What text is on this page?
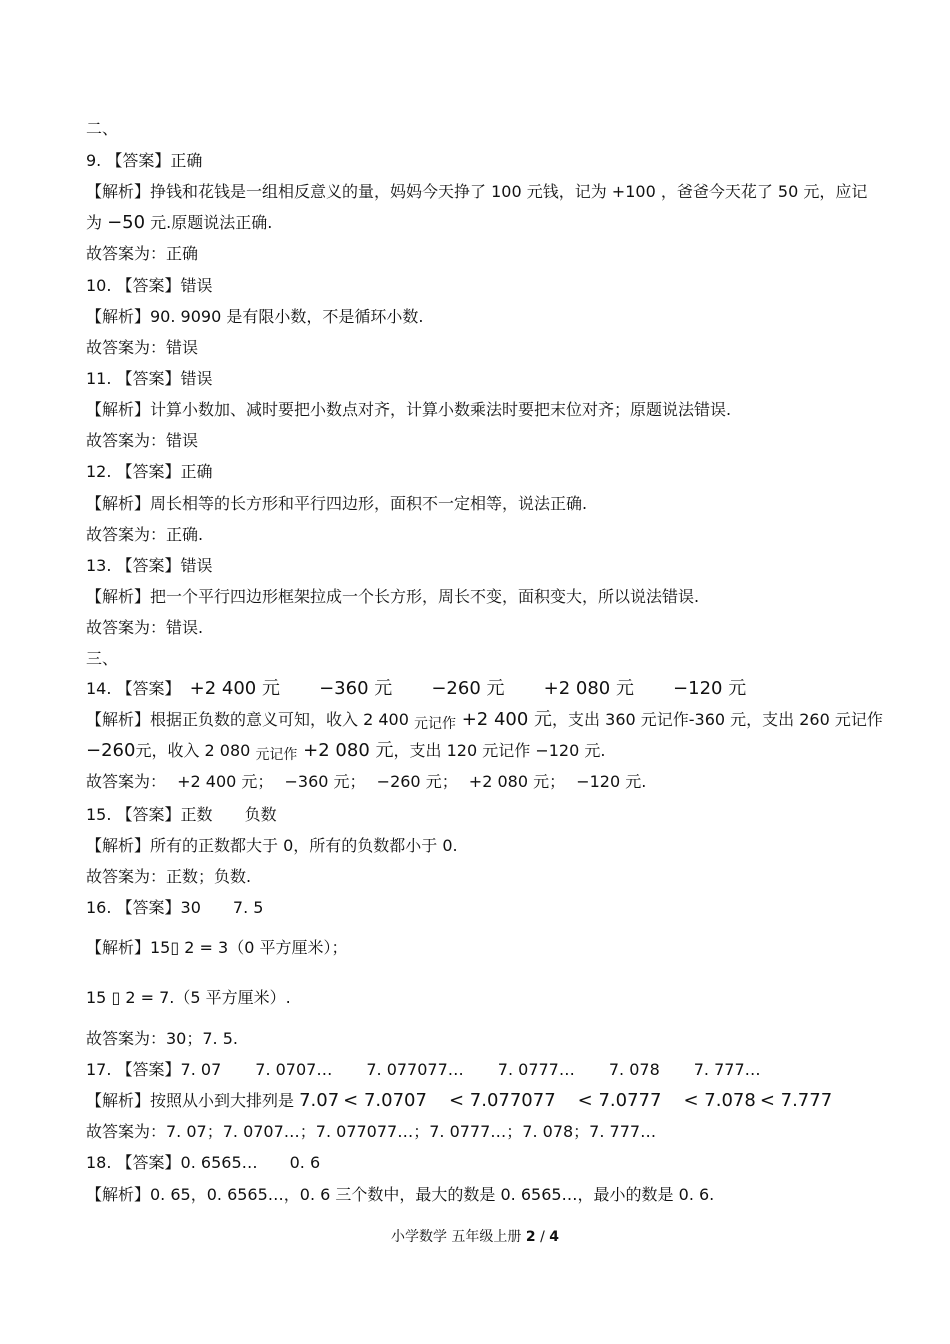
二、
9. 【答案】正确
【解析】挣钱和花钱是一组相反意义的量，妈妈今天挣了 100 元钱，记为 +100 ，爸爸今天花了 50 元，应记
为 −50 元.原题说法正确.
故答案为：正确
10. 【答案】错误
【解析】90. 9090 是有限小数，不是循环小数.
故答案为：错误
11. 【答案】错误
【解析】计算小数加、减时要把小数点对齐，计算小数乘法时要把末位对齐；原题说法错误.
故答案为：错误
12. 【答案】正确
【解析】周长相等的长方形和平行四边形，面积不一定相等，说法正确.
故答案为：正确.
13. 【答案】错误
【解析】把一个平行四边形框架拉成一个长方形，周长不变，面积变大，所以说法错误.
故答案为：错误.
三、
14. 【答案】 +2 400 元 −360 元 −260 元 +2 080 元 −120 元
【解析】根据正负数的意义可知，收入 2 400 元记作 +2 400 元，支出 360 元记作-360 元，支出 260 元记作
−260元，收入 2 080 元记作 +2 080 元，支出 120 元记作 −120 元.
故答案为： +2 400 元； −360 元； −260 元； +2 080 元； −120 元.
15. 【答案】正数 负数
【解析】所有的正数都大于 0，所有的负数都小于 0.
故答案为：正数；负数.
16. 【答案】30 7. 5
【解析】15▯ 2 = 3（0 平方厘米）；
15 ▯ 2 = 7.（5 平方厘米）.
故答案为：30；7. 5.
17. 【答案】7. 07 7. 0707… 7. 077077… 7. 0777… 7. 078 7. 777…
【解析】按照从小到大排列是 7.07 < 7.0707 < 7.077077 < 7.0777 < 7.078 < 7.777
故答案为：7. 07；7. 0707…；7. 077077…；7. 0777…；7. 078；7. 777…
18. 【答案】0. 6565… 0. 6
【解析】0. 65，0. 6565…，0. 6 三个数中，最大的数是 0. 6565…，最小的数是 0. 6.
小学数学 五年级上册 2 / 4
